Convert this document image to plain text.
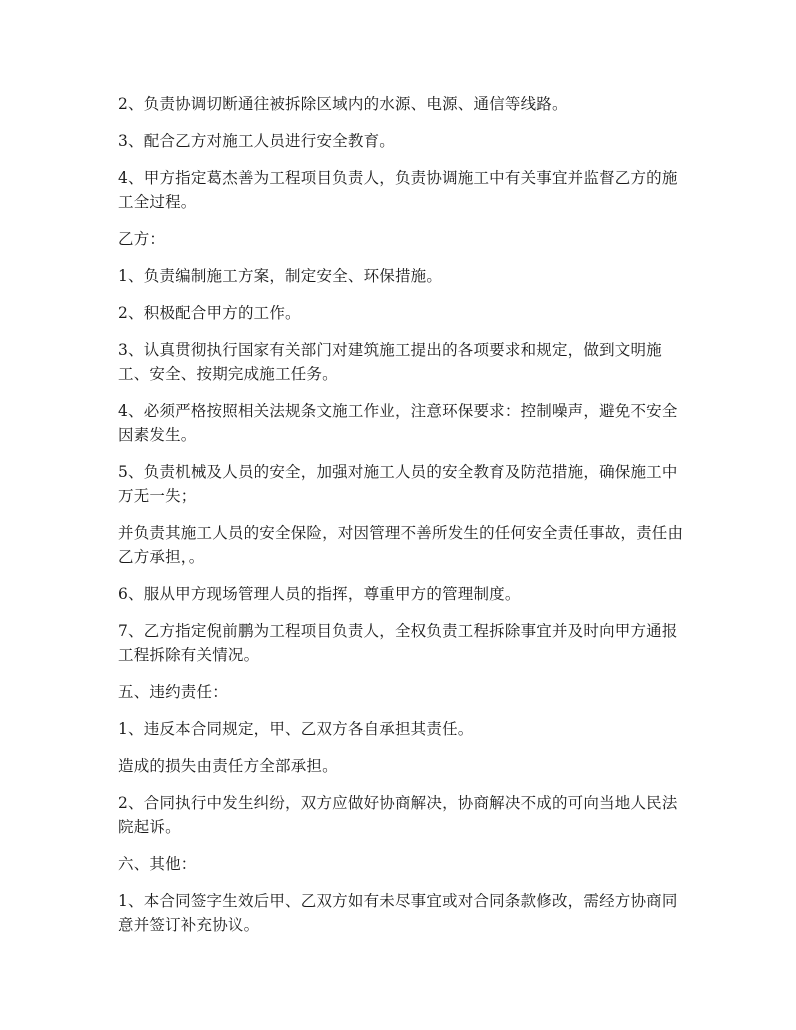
2、负责协调切断通往被拆除区域内的水源、电源、通信等线路。

3、配合乙方对施工人员进行安全教育。

4、甲方指定葛杰善为工程项目负责人，负责协调施工中有关事宜并监督乙方的施工全过程。

乙方：

1、负责编制施工方案，制定安全、环保措施。

2、积极配合甲方的工作。

3、认真贯彻执行国家有关部门对建筑施工提出的各项要求和规定，做到文明施工、安全、按期完成施工任务。

4、必须严格按照相关法规条文施工作业，注意环保要求：控制噪声，避免不安全因素发生。

5、负责机械及人员的安全，加强对施工人员的安全教育及防范措施，确保施工中万无一失；

并负责其施工人员的安全保险，对因管理不善所发生的任何安全责任事故，责任由乙方承担，。

6、服从甲方现场管理人员的指挥，尊重甲方的管理制度。

7、乙方指定倪前鹏为工程项目负责人，全权负责工程拆除事宜并及时向甲方通报工程拆除有关情况。

五、违约责任：

1、违反本合同规定，甲、乙双方各自承担其责任。

造成的损失由责任方全部承担。

2、合同执行中发生纠纷，双方应做好协商解决，协商解决不成的可向当地人民法院起诉。

六、其他：

1、本合同签字生效后甲、乙双方如有未尽事宜或对合同条款修改，需经方协商同意并签订补充协议。
